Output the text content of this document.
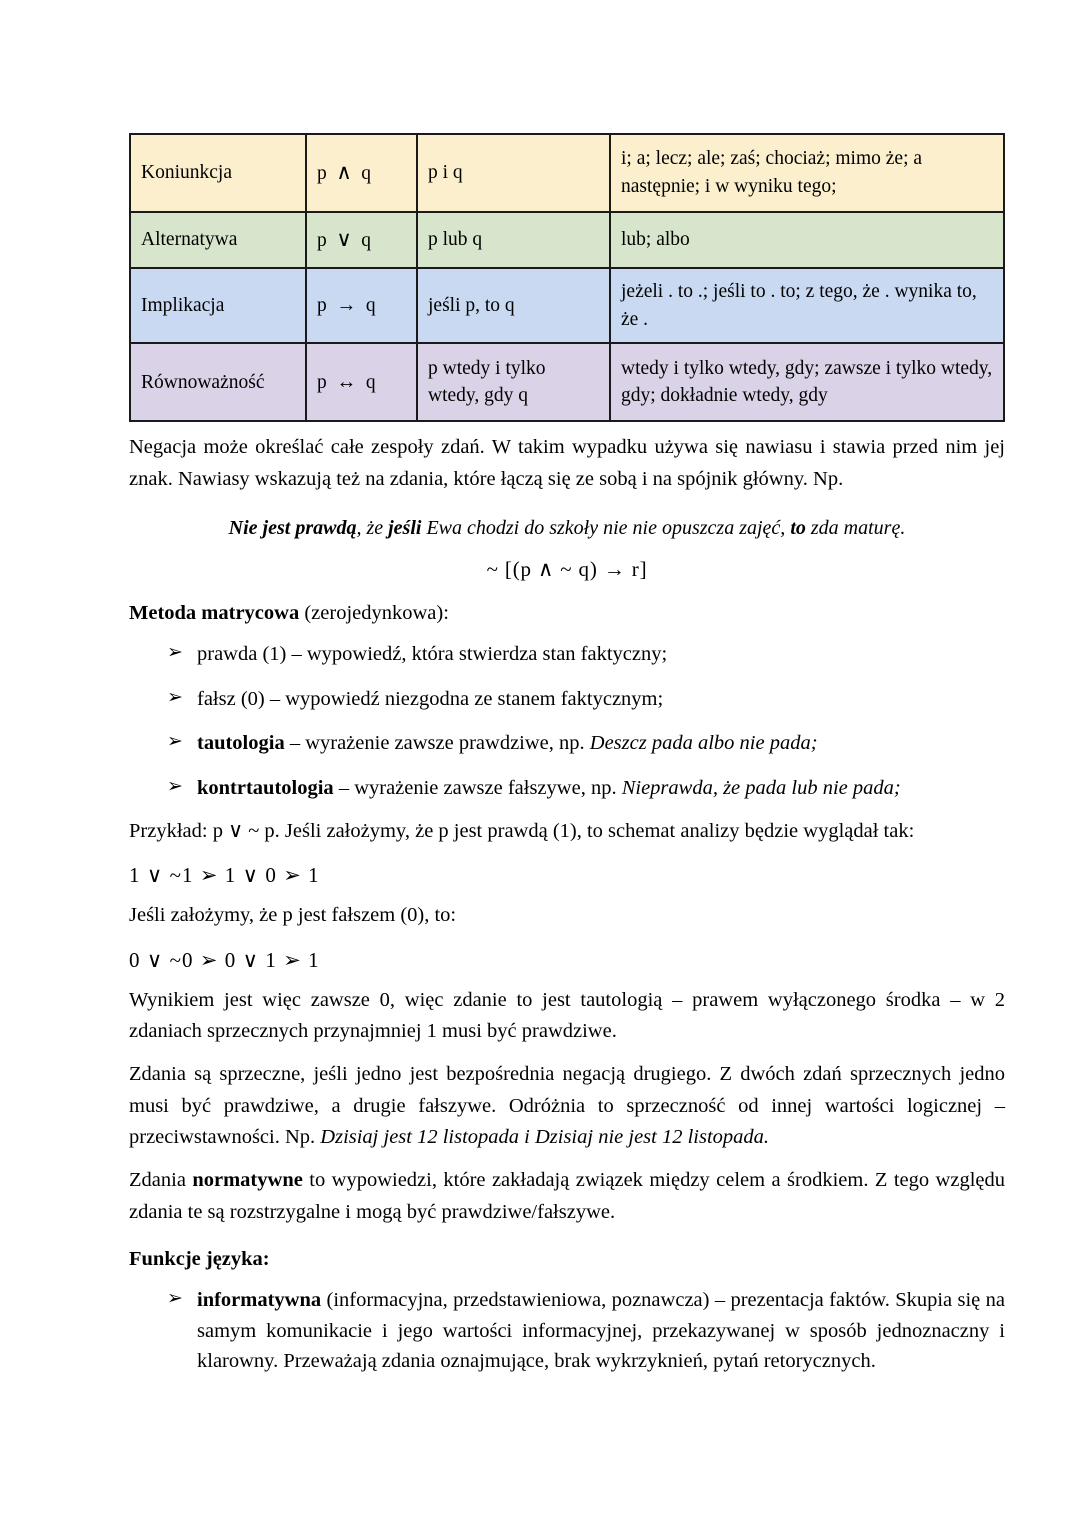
Koniunkcja	p ∧ q	p i q	i; a; lecz; ale; zaś; chociaż; mimo że; a następnie; i w wyniku tego;
Alternatywa	p ∨ q	p lub q	lub; albo
Implikacja	p → q	jeśli p, to q	jeżeli . to .; jeśli to . to; z tego, że . wynika to, że .
Równoważność	p ↔ q	p wtedy i tylko wtedy, gdy q	wtedy i tylko wtedy, gdy; zawsze i tylko wtedy, gdy; dokładnie wtedy, gdy

Negacja może określać całe zespoły zdań. W takim wypadku używa się nawiasu i stawia przed nim jej znak. Nawiasy wskazują też na zdania, które łączą się ze sobą i na spójnik główny. Np.

Nie jest prawdą, że jeśli Ewa chodzi do szkoły nie nie opuszcza zajęć, to zda maturę.

~ [(p ∧ ~ q) → r]

Metoda matrycowa (zerojedynkowa):

➢ prawda (1) – wypowiedź, która stwierdza stan faktyczny;
➢ fałsz (0) – wypowiedź niezgodna ze stanem faktycznym;
➢ tautologia – wyrażenie zawsze prawdziwe, np. Deszcz pada albo nie pada;
➢ kontrtautologia – wyrażenie zawsze fałszywe, np. Nieprawda, że pada lub nie pada;

Przykład: p ∨ ~ p. Jeśli założymy, że p jest prawdą (1), to schemat analizy będzie wyglądał tak:

1 ∨ ~1 ➢ 1 ∨ 0 ➢ 1

Jeśli założymy, że p jest fałszem (0), to:

0 ∨ ~0 ➢ 0 ∨ 1 ➢ 1

Wynikiem jest więc zawsze 0, więc zdanie to jest tautologią – prawem wyłączonego środka – w 2 zdaniach sprzecznych przynajmniej 1 musi być prawdziwe.

Zdania są sprzeczne, jeśli jedno jest bezpośrednia negacją drugiego. Z dwóch zdań sprzecznych jedno musi być prawdziwe, a drugie fałszywe. Odróżnia to sprzeczność od innej wartości logicznej – przeciwstawności. Np. Dzisiaj jest 12 listopada i Dzisiaj nie jest 12 listopada.

Zdania normatywne to wypowiedzi, które zakładają związek między celem a środkiem. Z tego względu zdania te są rozstrzygalne i mogą być prawdziwe/fałszywe.

Funkcje języka:

➢ informatywna (informacyjna, przedstawieniowa, poznawcza) – prezentacja faktów. Skupia się na samym komunikacie i jego wartości informacyjnej, przekazywanej w sposób jednoznaczny i klarowny. Przeważają zdania oznajmujące, brak wykrzyknień, pytań retorycznych.
